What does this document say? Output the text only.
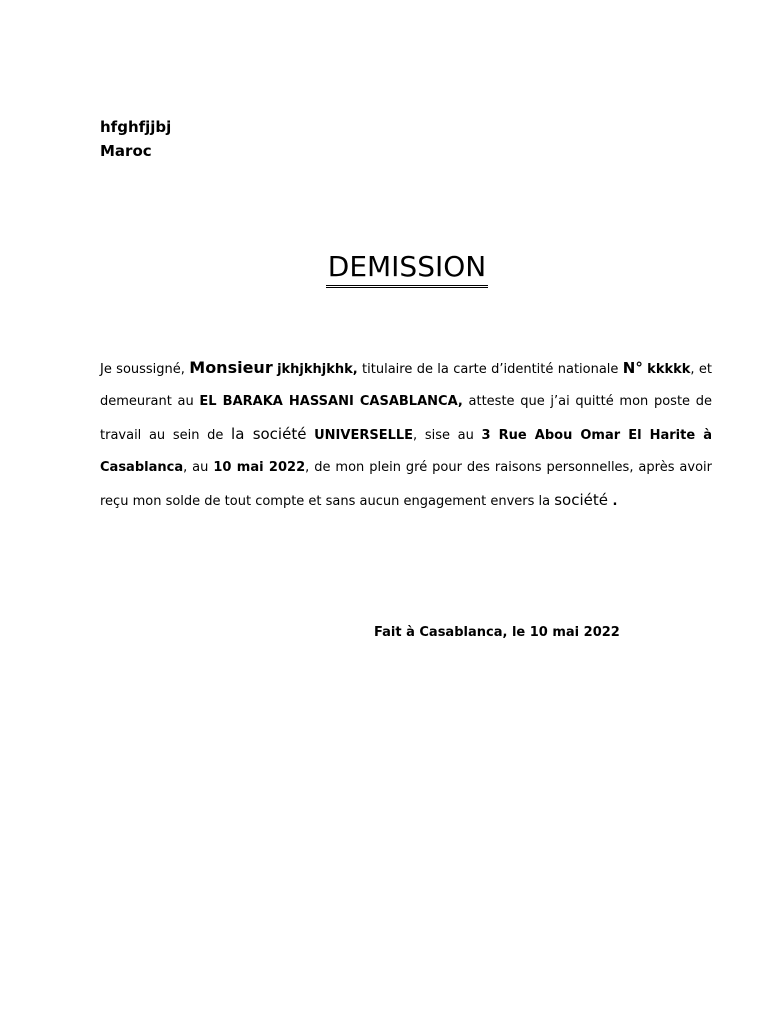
hfghfjjbj
Maroc
DEMISSION
Je soussigné, Monsieur jkhjkhjkhk, titulaire de la carte d’identité nationale N° kkkkk, et demeurant au EL BARAKA HASSANI CASABLANCA, atteste que j’ai quitté mon poste de travail au sein de la société UNIVERSELLE, sise au 3 Rue Abou Omar El Harite à Casablanca, au 10 mai 2022, de mon plein gré pour des raisons personnelles, après avoir reçu mon solde de tout compte et sans aucun engagement envers la société .
Fait à Casablanca, le 10 mai 2022
